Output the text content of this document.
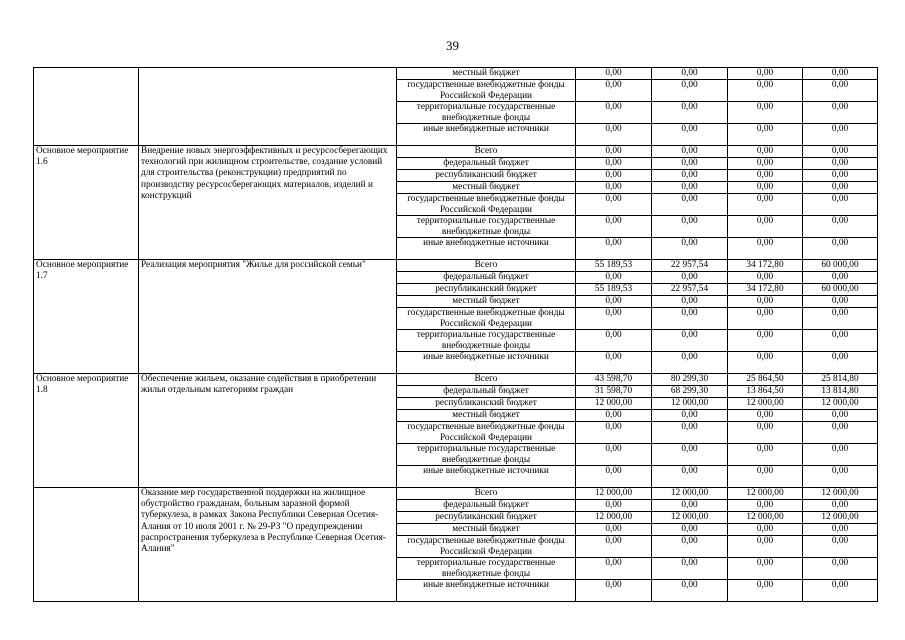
39
		местный бюджет	0,00	0,00	0,00	0,00
		государственные внебюджетные фонды Российской Федерации	0,00	0,00	0,00	0,00
		территориальные государственные внебюджетные фонды	0,00	0,00	0,00	0,00
		иные внебюджетные источники	0,00	0,00	0,00	0,00
Основное мероприятие 1.6	Внедрение новых энергоэффективных и ресурсосберегающих технологий при жилищном строительстве, создание условий для строительства (реконструкции) предприятий по производству ресурсосберегающих материалов, изделий и конструкций	Всего	0,00	0,00	0,00	0,00
		федеральный бюджет	0,00	0,00	0,00	0,00
		республиканский бюджет	0,00	0,00	0,00	0,00
		местный бюджет	0,00	0,00	0,00	0,00
		государственные внебюджетные фонды Российской Федерации	0,00	0,00	0,00	0,00
		территориальные государственные внебюджетные фонды	0,00	0,00	0,00	0,00
		иные внебюджетные источники	0,00	0,00	0,00	0,00
Основное мероприятие 1.7	Реализация мероприятия "Жилье для российской семьи"	Всего	55 189,53	22 957,54	34 172,80	60 000,00
		федеральный бюджет	0,00	0,00	0,00	0,00
		республиканский бюджет	55 189,53	22 957,54	34 172,80	60 000,00
		местный бюджет	0,00	0,00	0,00	0,00
		государственные внебюджетные фонды Российской Федерации	0,00	0,00	0,00	0,00
		территориальные государственные внебюджетные фонды	0,00	0,00	0,00	0,00
		иные внебюджетные источники	0,00	0,00	0,00	0,00
Основное мероприятие 1.8	Обеспечение жильем, оказание содействия в приобретении жилья отдельным категориям граждан	Всего	43 598,70	80 299,30	25 864,50	25 814,80
		федеральный бюджет	31 598,70	68 299,30	13 864,50	13 814,80
		республиканский бюджет	12 000,00	12 000,00	12 000,00	12 000,00
		местный бюджет	0,00	0,00	0,00	0,00
		государственные внебюджетные фонды Российской Федерации	0,00	0,00	0,00	0,00
		территориальные государственные внебюджетные фонды	0,00	0,00	0,00	0,00
		иные внебюджетные источники	0,00	0,00	0,00	0,00
	Оказание мер государственной поддержки на жилищное обустройство гражданам, больным заразной формой туберкулеза, в рамках Закона Республики Северная Осетия-Алания от 10 июля 2001 г. № 29-РЗ "О предупреждении распространения туберкулеза в Республике Северная Осетия-Алания"	Всего	12 000,00	12 000,00	12 000,00	12 000,00
		федеральный бюджет	0,00	0,00	0,00	0,00
		республиканский бюджет	12 000,00	12 000,00	12 000,00	12 000,00
		местный бюджет	0,00	0,00	0,00	0,00
		государственные внебюджетные фонды Российской Федерации	0,00	0,00	0,00	0,00
		территориальные государственные внебюджетные фонды	0,00	0,00	0,00	0,00
		иные внебюджетные источники	0,00	0,00	0,00	0,00
